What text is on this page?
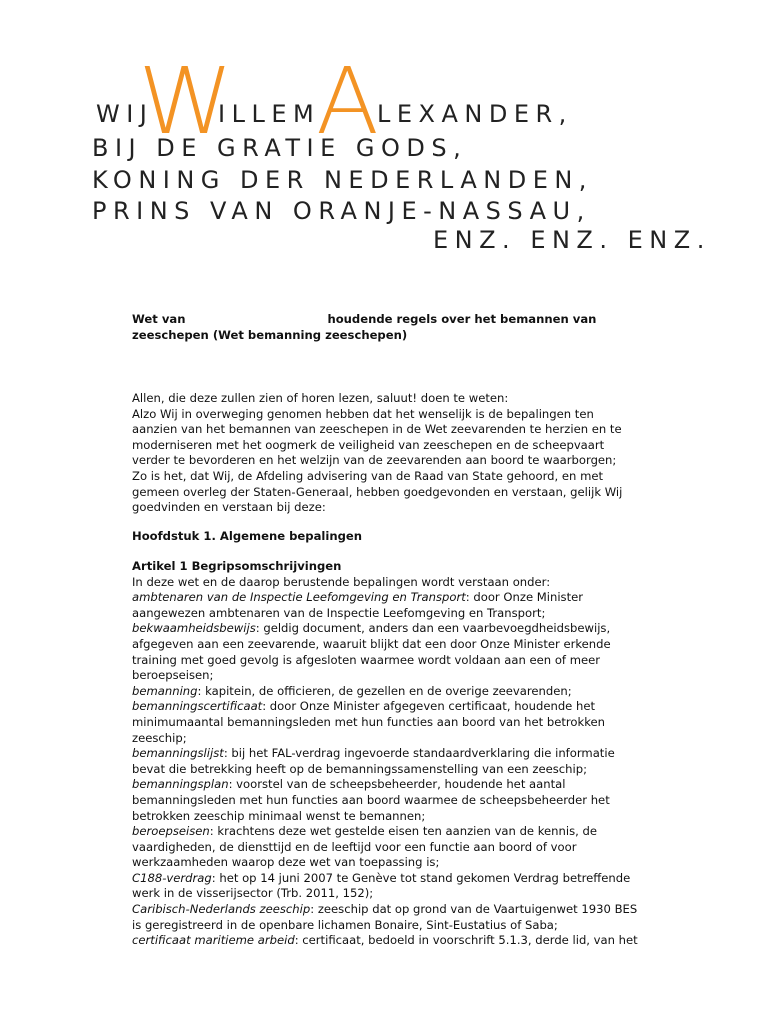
WIJ
W
ILLEM
A
LEXANDER,
BIJ DE GRATIE GODS,
KONING DER NEDERLANDEN,
PRINS VAN ORANJE-NASSAU,
ENZ. ENZ. ENZ.
Wet van	houdende regels over het bemannen van
zeeschepen (Wet bemanning zeeschepen)

Allen, die deze zullen zien of horen lezen, saluut! doen te weten:

Alzo Wij in overweging genomen hebben dat het wenselijk is de bepalingen ten aanzien van het bemannen van zeeschepen in de Wet zeevarenden te herzien en te moderniseren met het oogmerk de veiligheid van zeeschepen en de scheepvaart verder te bevorderen en het welzijn van de zeevarenden aan boord te waarborgen;

Zo is het, dat Wij, de Afdeling advisering van de Raad van State gehoord, en met gemeen overleg der Staten-Generaal, hebben goedgevonden en verstaan, gelijk Wij goedvinden en verstaan bij deze:

Hoofdstuk 1. Algemene bepalingen

Artikel 1 Begripsomschrijvingen

In deze wet en de daarop berustende bepalingen wordt verstaan onder:

ambtenaren van de Inspectie Leefomgeving en Transport: door Onze Minister aangewezen ambtenaren van de Inspectie Leefomgeving en Transport;

bekwaamheidsbewijs: geldig document, anders dan een vaarbevoegdheidsbewijs, afgegeven aan een zeevarende, waaruit blijkt dat een door Onze Minister erkende training met goed gevolg is afgesloten waarmee wordt voldaan aan een of meer beroepseisen;

bemanning: kapitein, de officieren, de gezellen en de overige zeevarenden;

bemanningscertificaat: door Onze Minister afgegeven certificaat, houdende het minimumaantal bemanningsleden met hun functies aan boord van het betrokken zeeschip;

bemanningslijst: bij het FAL-verdrag ingevoerde standaardverklaring die informatie bevat die betrekking heeft op de bemanningssamenstelling van een zeeschip;

bemanningsplan: voorstel van de scheepsbeheerder, houdende het aantal bemanningsleden met hun functies aan boord waarmee de scheepsbeheerder het betrokken zeeschip minimaal wenst te bemannen;

beroepseisen: krachtens deze wet gestelde eisen ten aanzien van de kennis, de vaardigheden, de diensttijd en de leeftijd voor een functie aan boord of voor werkzaamheden waarop deze wet van toepassing is;

C188-verdrag: het op 14 juni 2007 te Genève tot stand gekomen Verdrag betreffende werk in de visserijsector (Trb. 2011, 152);

Caribisch-Nederlands zeeschip: zeeschip dat op grond van de Vaartuigenwet 1930 BES is geregistreerd in de openbare lichamen Bonaire, Sint-Eustatius of Saba;

certificaat maritieme arbeid: certificaat, bedoeld in voorschrift 5.1.3, derde lid, van het
